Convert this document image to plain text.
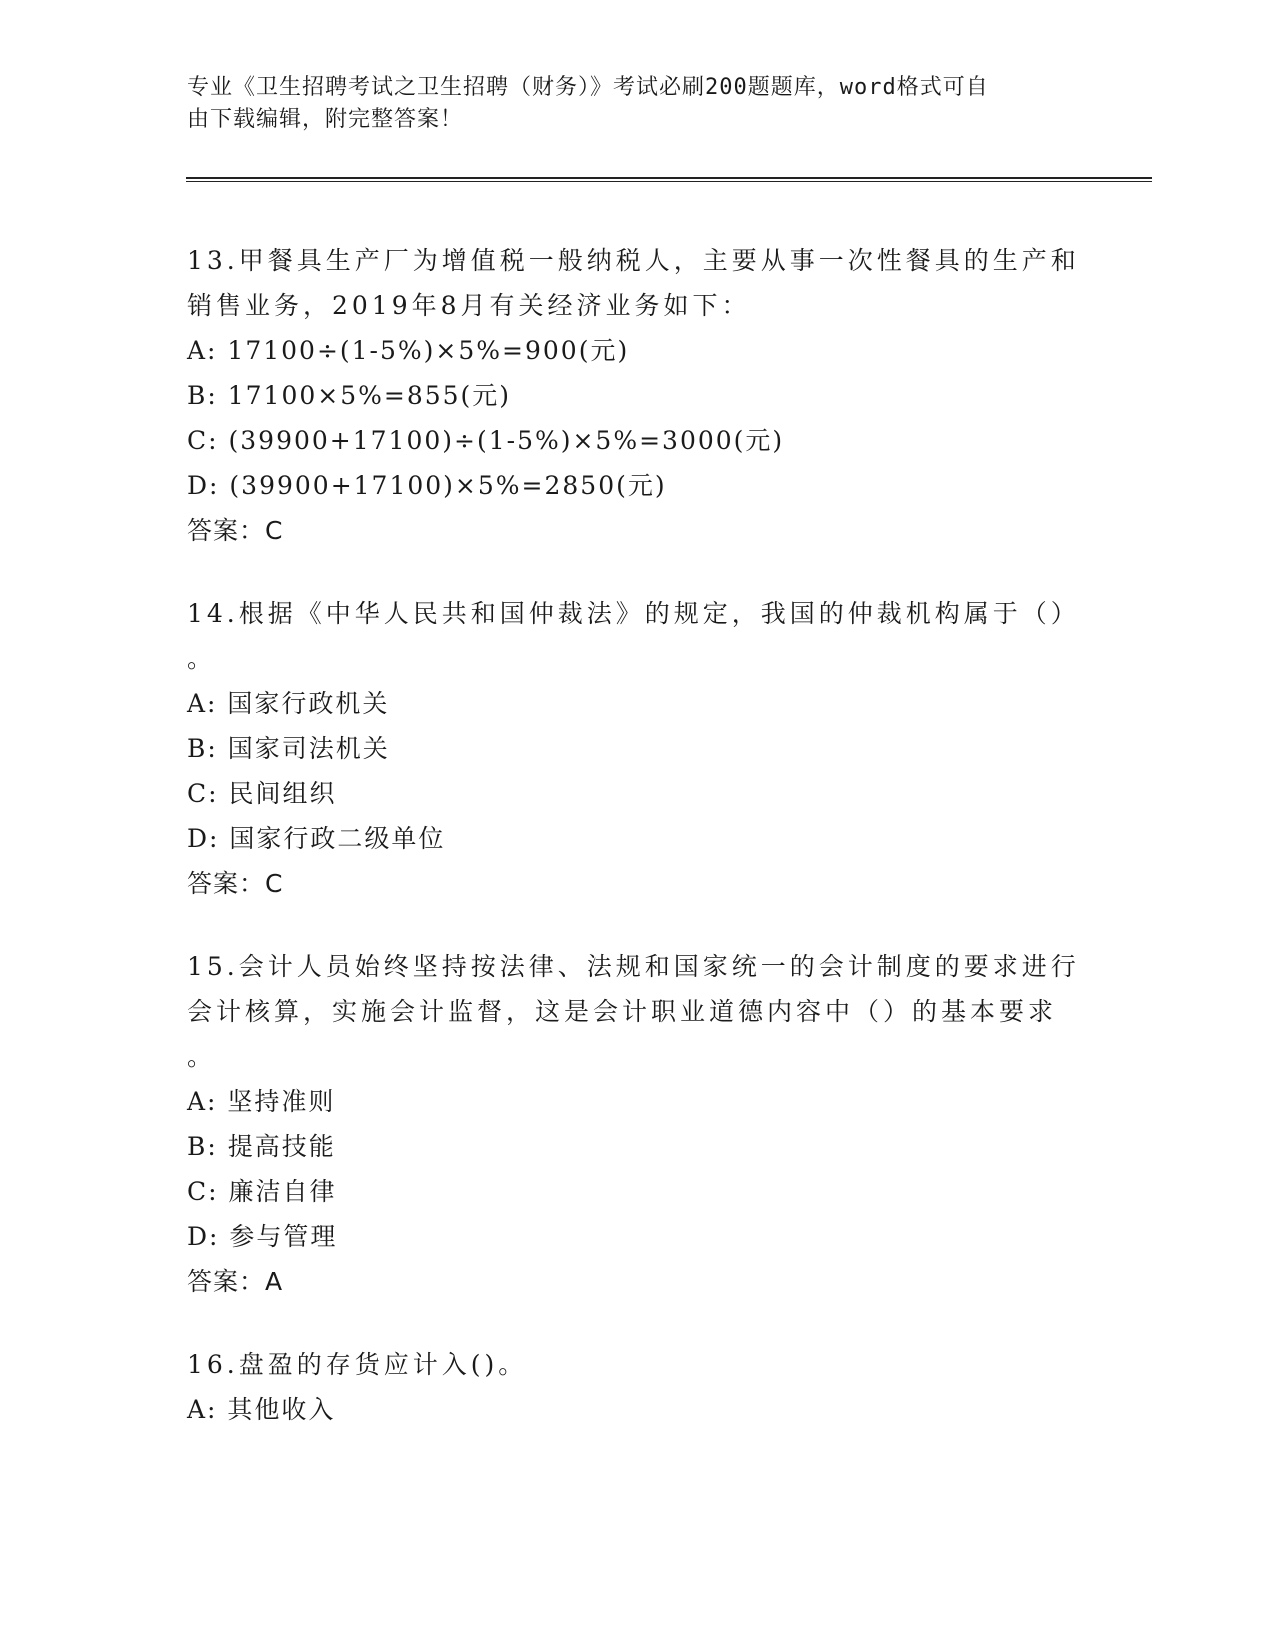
专业《卫生招聘考试之卫生招聘（财务）》考试必刷200题题库，word格式可自

由下载编辑，附完整答案！

13.甲餐具生产厂为增值税一般纳税人，主要从事一次性餐具的生产和
销售业务，2019年8月有关经济业务如下：

A: 17100÷(1-5%)×5%=900(元)
B: 17100×5%=855(元)
C: (39900+17100)÷(1-5%)×5%=3000(元)
D: (39900+17100)×5%=2850(元)

答案：C

14.根据《中华人民共和国仲裁法》的规定，我国的仲裁机构属于（）
。

A: 国家行政机关
B: 国家司法机关
C: 民间组织
D: 国家行政二级单位

答案：C

15.会计人员始终坚持按法律、法规和国家统一的会计制度的要求进行
会计核算，实施会计监督，这是会计职业道德内容中（）的基本要求
。

A: 坚持准则
B: 提高技能
C: 廉洁自律
D: 参与管理

答案：A

16.盘盈的存货应计入()。

A: 其他收入
